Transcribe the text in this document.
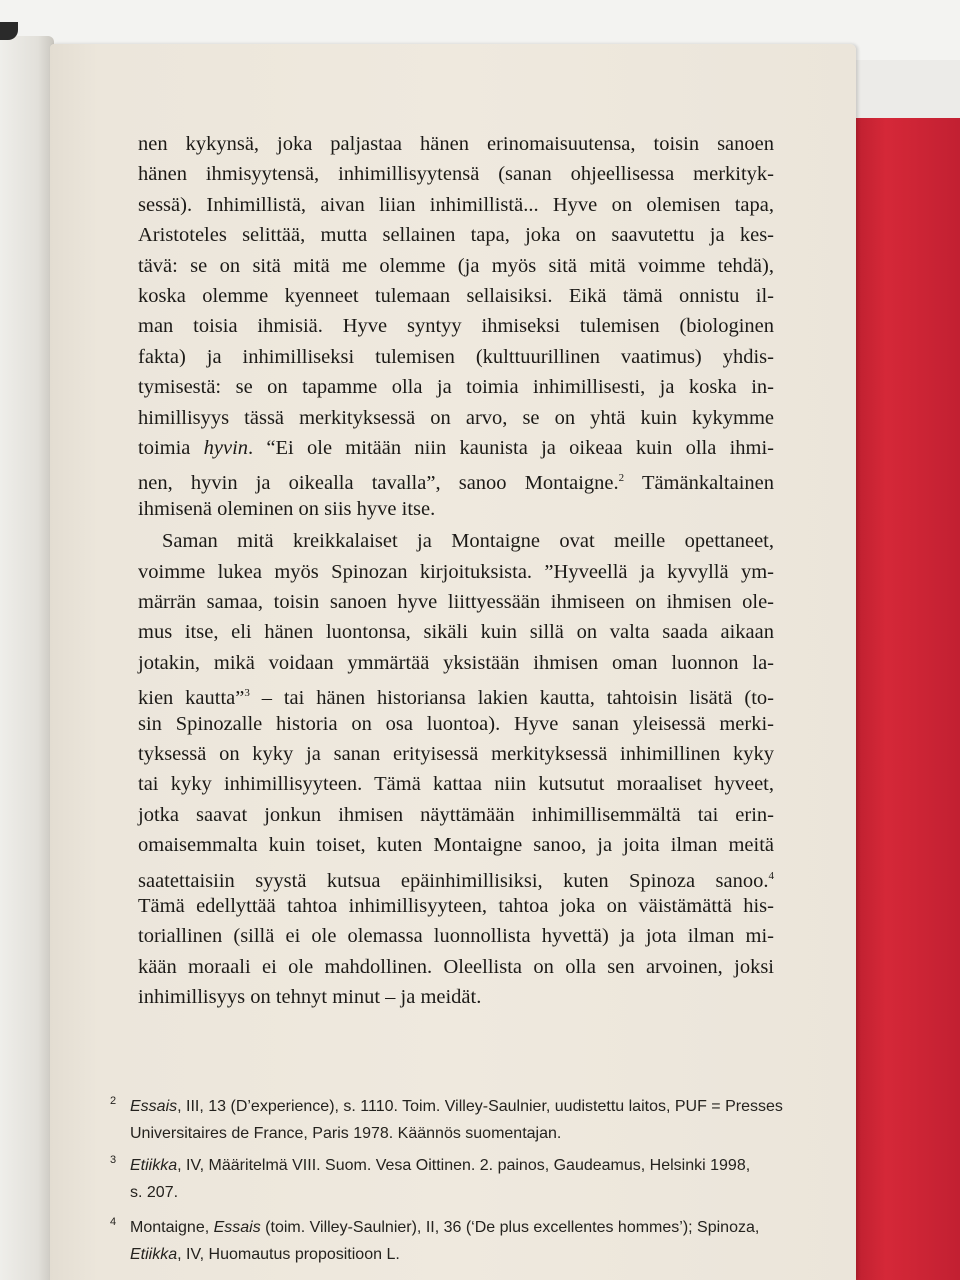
nen kykynsä, joka paljastaa hänen erinomaisuutensa, toisin sanoen
hänen ihmisyytensä, inhimillisyytensä (sanan ohjeellisessa merkityk-
sessä). Inhimillistä, aivan liian inhimillistä... Hyve on olemisen tapa,
Aristoteles selittää, mutta sellainen tapa, joka on saavutettu ja kes-
tävä: se on sitä mitä me olemme (ja myös sitä mitä voimme tehdä),
koska olemme kyenneet tulemaan sellaisiksi. Eikä tämä onnistu il-
man toisia ihmisiä. Hyve syntyy ihmiseksi tulemisen (biologinen
fakta) ja inhimilliseksi tulemisen (kulttuurillinen vaatimus) yhdis-
tymisestä: se on tapamme olla ja toimia inhimillisesti, ja koska in-
himillisyys tässä merkityksessä on arvo, se on yhtä kuin kykymme
toimia hyvin. “Ei ole mitään niin kaunista ja oikeaa kuin olla ihmi-
nen, hyvin ja oikealla tavalla”, sanoo Montaigne.$^2$ Tämänkaltainen
ihmisenä oleminen on siis hyve itse.
Saman mitä kreikkalaiset ja Montaigne ovat meille opettaneet,
voimme lukea myös Spinozan kirjoituksista. ”Hyveellä ja kyvyllä ym-
märrän samaa, toisin sanoen hyve liittyessään ihmiseen on ihmisen ole-
mus itse, eli hänen luontonsa, sikäli kuin sillä on valta saada aikaan
jotakin, mikä voidaan ymmärtää yksistään ihmisen oman luonnon la-
kien kautta”$^3$ – tai hänen historiansa lakien kautta, tahtoisin lisätä (to-
sin Spinozalle historia on osa luontoa). Hyve sanan yleisessä merki-
tyksessä on kyky ja sanan erityisessä merkityksessä inhimillinen kyky
tai kyky inhimillisyyteen. Tämä kattaa niin kutsutut moraaliset hyveet,
jotka saavat jonkun ihmisen näyttämään inhimillisemmältä tai erin-
omaisemmalta kuin toiset, kuten Montaigne sanoo, ja joita ilman meitä
saatettaisiin syystä kutsua epäinhimillisiksi, kuten Spinoza sanoo.$^4$
Tämä edellyttää tahtoa inhimillisyyteen, tahtoa joka on väistämättä his-
toriallinen (sillä ei ole olemassa luonnollista hyvettä) ja jota ilman mi-
kään moraali ei ole mahdollinen. Oleellista on olla sen arvoinen, joksi
inhimillisyys on tehnyt minut – ja meidät.
2 Essais, III, 13 (D’experience), s. 1110. Toim. Villey-Saulnier, uudistettu laitos, PUF = Presses
Universitaires de France, Paris 1978. Käännös suomentajan.
3 Etiikka, IV, Määritelmä VIII. Suom. Vesa Oittinen. 2. painos, Gaudeamus, Helsinki 1998,
s. 207.
4 Montaigne, Essais (toim. Villey-Saulnier), II, 36 (‘De plus excellentes hommes’); Spinoza,
Etiikka, IV, Huomautus propositioon L.
